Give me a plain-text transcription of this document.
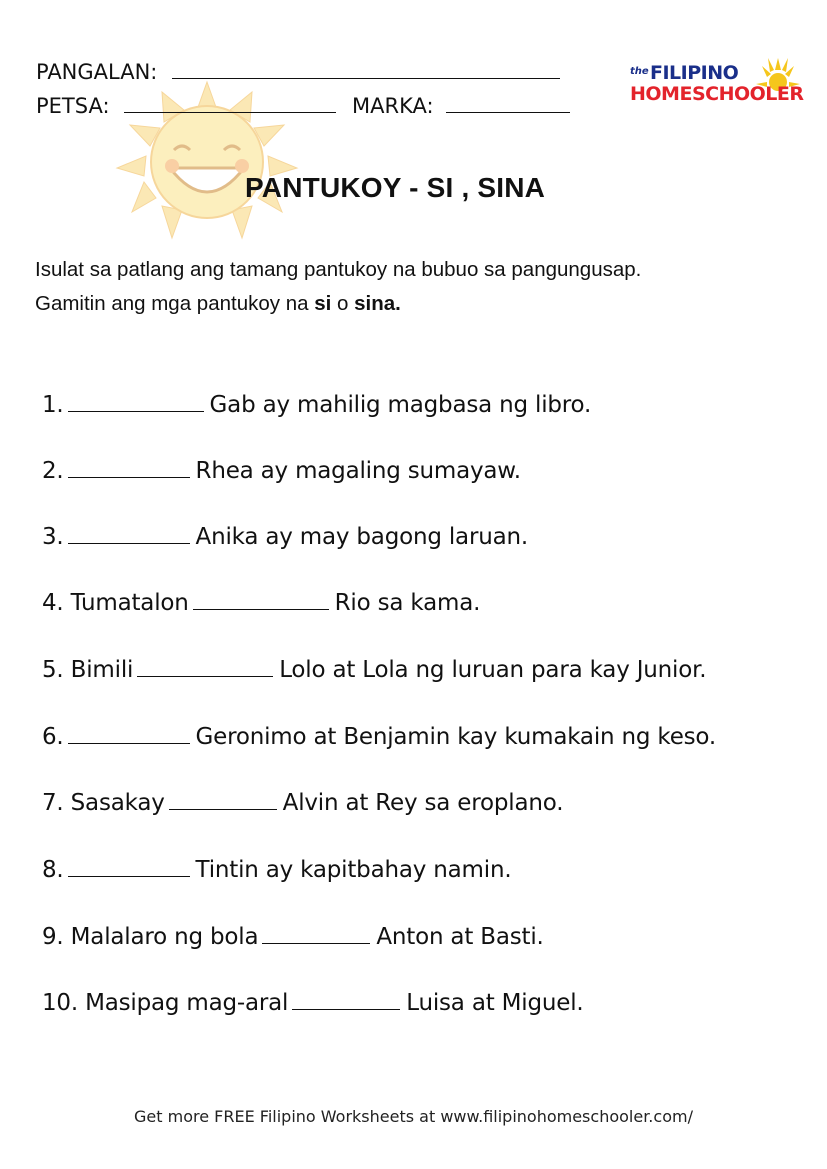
PANGALAN:
PETSA:	MARKA:
the FILIPINO
HOMESCHOOLER
PANTUKOY - SI , SINA
Isulat sa patlang ang tamang pantukoy na bubuo sa pangungusap.
Gamitin ang mga pantukoy na si o sina.
1.	Gab ay mahilig magbasa ng libro.
2.	Rhea ay magaling sumayaw.
3.	Anika ay may bagong laruan.
4. Tumatalon	Rio sa kama.
5. Bimili	Lolo at Lola ng luruan para kay Junior.
6.	Geronimo at Benjamin kay kumakain ng keso.
7. Sasakay	Alvin at Rey sa eroplano.
8.	Tintin ay kapitbahay namin.
9. Malalaro ng bola	Anton at Basti.
10. Masipag mag-aral	Luisa at Miguel.
Get more FREE Filipino Worksheets at www.filipinohomeschooler.com/
